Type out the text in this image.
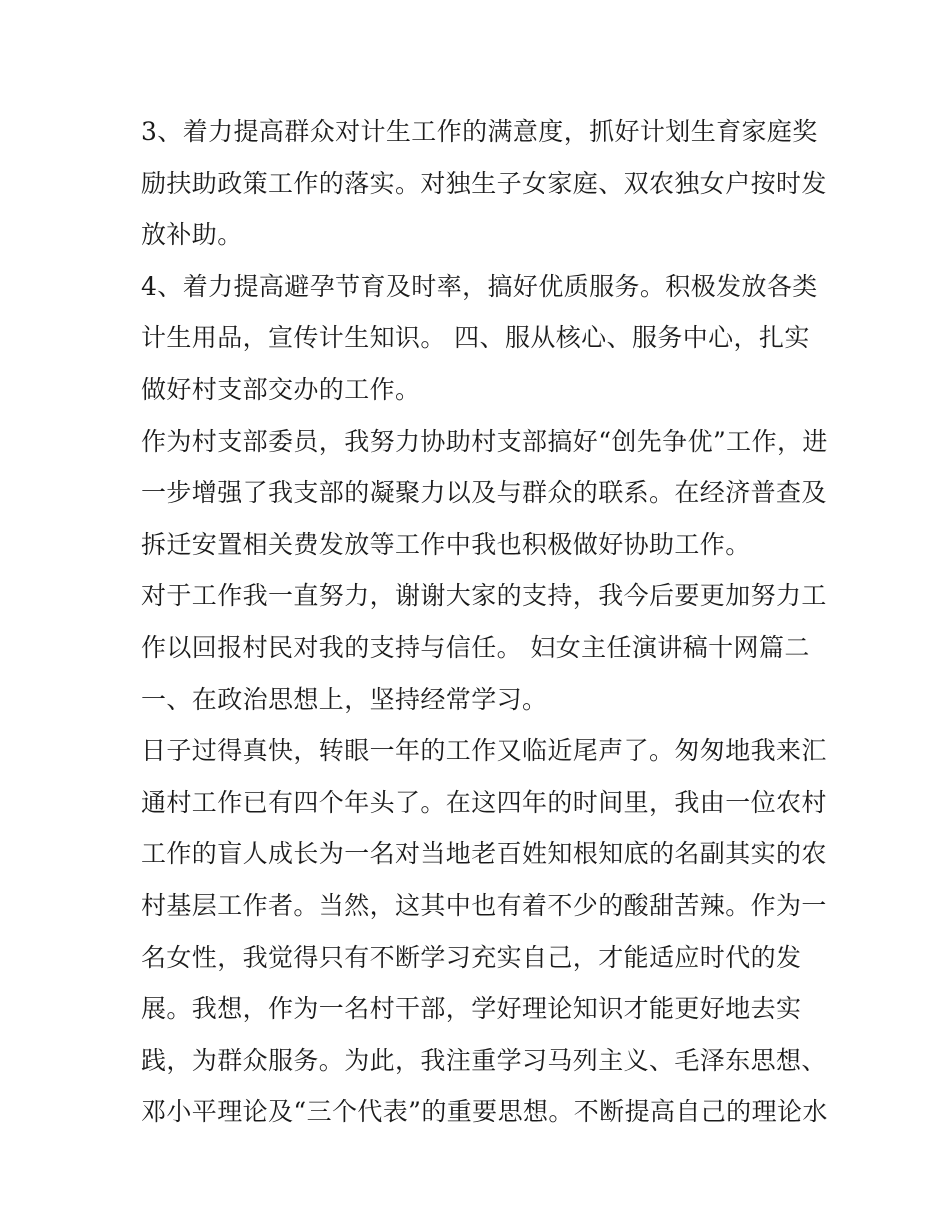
3、着力提高群众对计生工作的满意度，抓好计划生育家庭奖
励扶助政策工作的落实。对独生子女家庭、双农独女户按时发
放补助。
4、着力提高避孕节育及时率，搞好优质服务。积极发放各类
计生用品，宣传计生知识。 四、服从核心、服务中心，扎实
做好村支部交办的工作。
作为村支部委员，我努力协助村支部搞好“创先争优”工作，进
一步增强了我支部的凝聚力以及与群众的联系。在经济普查及
拆迁安置相关费发放等工作中我也积极做好协助工作。
对于工作我一直努力，谢谢大家的支持，我今后要更加努力工
作以回报村民对我的支持与信任。 妇女主任演讲稿十网篇二
一、在政治思想上，坚持经常学习。
日子过得真快，转眼一年的工作又临近尾声了。匆匆地我来汇
通村工作已有四个年头了。在这四年的时间里，我由一位农村
工作的盲人成长为一名对当地老百姓知根知底的名副其实的农
村基层工作者。当然，这其中也有着不少的酸甜苦辣。作为一
名女性，我觉得只有不断学习充实自己，才能适应时代的发
展。我想，作为一名村干部，学好理论知识才能更好地去实
践，为群众服务。为此，我注重学习马列主义、毛泽东思想、
邓小平理论及“三个代表”的重要思想。不断提高自己的理论水
